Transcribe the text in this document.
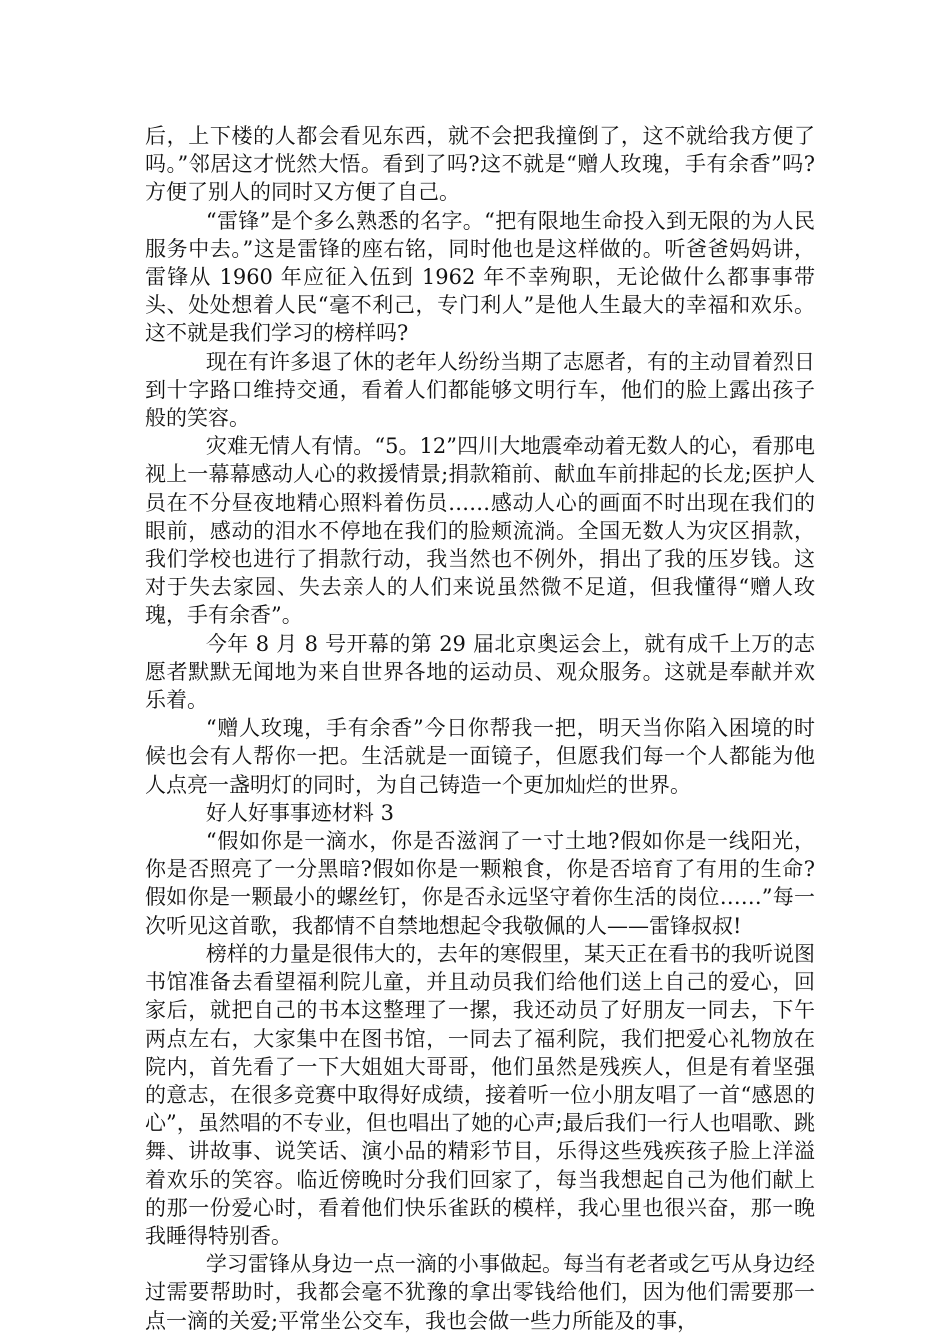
后，上下楼的人都会看见东西，就不会把我撞倒了，这不就给我方便了吗。”邻居这才恍然大悟。看到了吗?这不就是“赠人玫瑰，手有余香”吗?方便了别人的同时又方便了自己。

“雷锋”是个多么熟悉的名字。“把有限地生命投入到无限的为人民服务中去。”这是雷锋的座右铭，同时他也是这样做的。听爸爸妈妈讲，雷锋从 1960 年应征入伍到 1962 年不幸殉职，无论做什么都事事带头、处处想着人民“毫不利己，专门利人”是他人生最大的幸福和欢乐。这不就是我们学习的榜样吗?

现在有许多退了休的老年人纷纷当期了志愿者，有的主动冒着烈日到十字路口维持交通，看着人们都能够文明行车，他们的脸上露出孩子般的笑容。

灾难无情人有情。“5。12”四川大地震牵动着无数人的心，看那电视上一幕幕感动人心的救援情景;捐款箱前、献血车前排起的长龙;医护人员在不分昼夜地精心照料着伤员……感动人心的画面不时出现在我们的眼前，感动的泪水不停地在我们的脸颊流淌。全国无数人为灾区捐款，我们学校也进行了捐款行动，我当然也不例外，捐出了我的压岁钱。这对于失去家园、失去亲人的人们来说虽然微不足道，但我懂得“赠人玫瑰，手有余香”。

今年 8 月 8 号开幕的第 29 届北京奥运会上，就有成千上万的志愿者默默无闻地为来自世界各地的运动员、观众服务。这就是奉献并欢乐着。

“赠人玫瑰，手有余香”今日你帮我一把，明天当你陷入困境的时候也会有人帮你一把。生活就是一面镜子，但愿我们每一个人都能为他人点亮一盏明灯的同时，为自己铸造一个更加灿烂的世界。

好人好事事迹材料 3

“假如你是一滴水，你是否滋润了一寸土地?假如你是一线阳光，你是否照亮了一分黑暗?假如你是一颗粮食，你是否培育了有用的生命?假如你是一颗最小的螺丝钉，你是否永远坚守着你生活的岗位……”每一次听见这首歌，我都情不自禁地想起令我敬佩的人——雷锋叔叔!

榜样的力量是很伟大的，去年的寒假里，某天正在看书的我听说图书馆准备去看望福利院儿童，并且动员我们给他们送上自己的爱心，回家后，就把自己的书本这整理了一摞，我还动员了好朋友一同去，下午两点左右，大家集中在图书馆，一同去了福利院，我们把爱心礼物放在院内，首先看了一下大姐姐大哥哥，他们虽然是残疾人，但是有着坚强的意志，在很多竞赛中取得好成绩，接着听一位小朋友唱了一首“感恩的心”，虽然唱的不专业，但也唱出了她的心声;最后我们一行人也唱歌、跳舞、讲故事、说笑话、演小品的精彩节目，乐得这些残疾孩子脸上洋溢着欢乐的笑容。临近傍晚时分我们回家了，每当我想起自己为他们献上的那一份爱心时，看着他们快乐雀跃的模样，我心里也很兴奋，那一晚我睡得特别香。

学习雷锋从身边一点一滴的小事做起。每当有老者或乞丐从身边经过需要帮助时，我都会毫不犹豫的拿出零钱给他们，因为他们需要那一点一滴的关爱;平常坐公交车，我也会做一些力所能及的事，
